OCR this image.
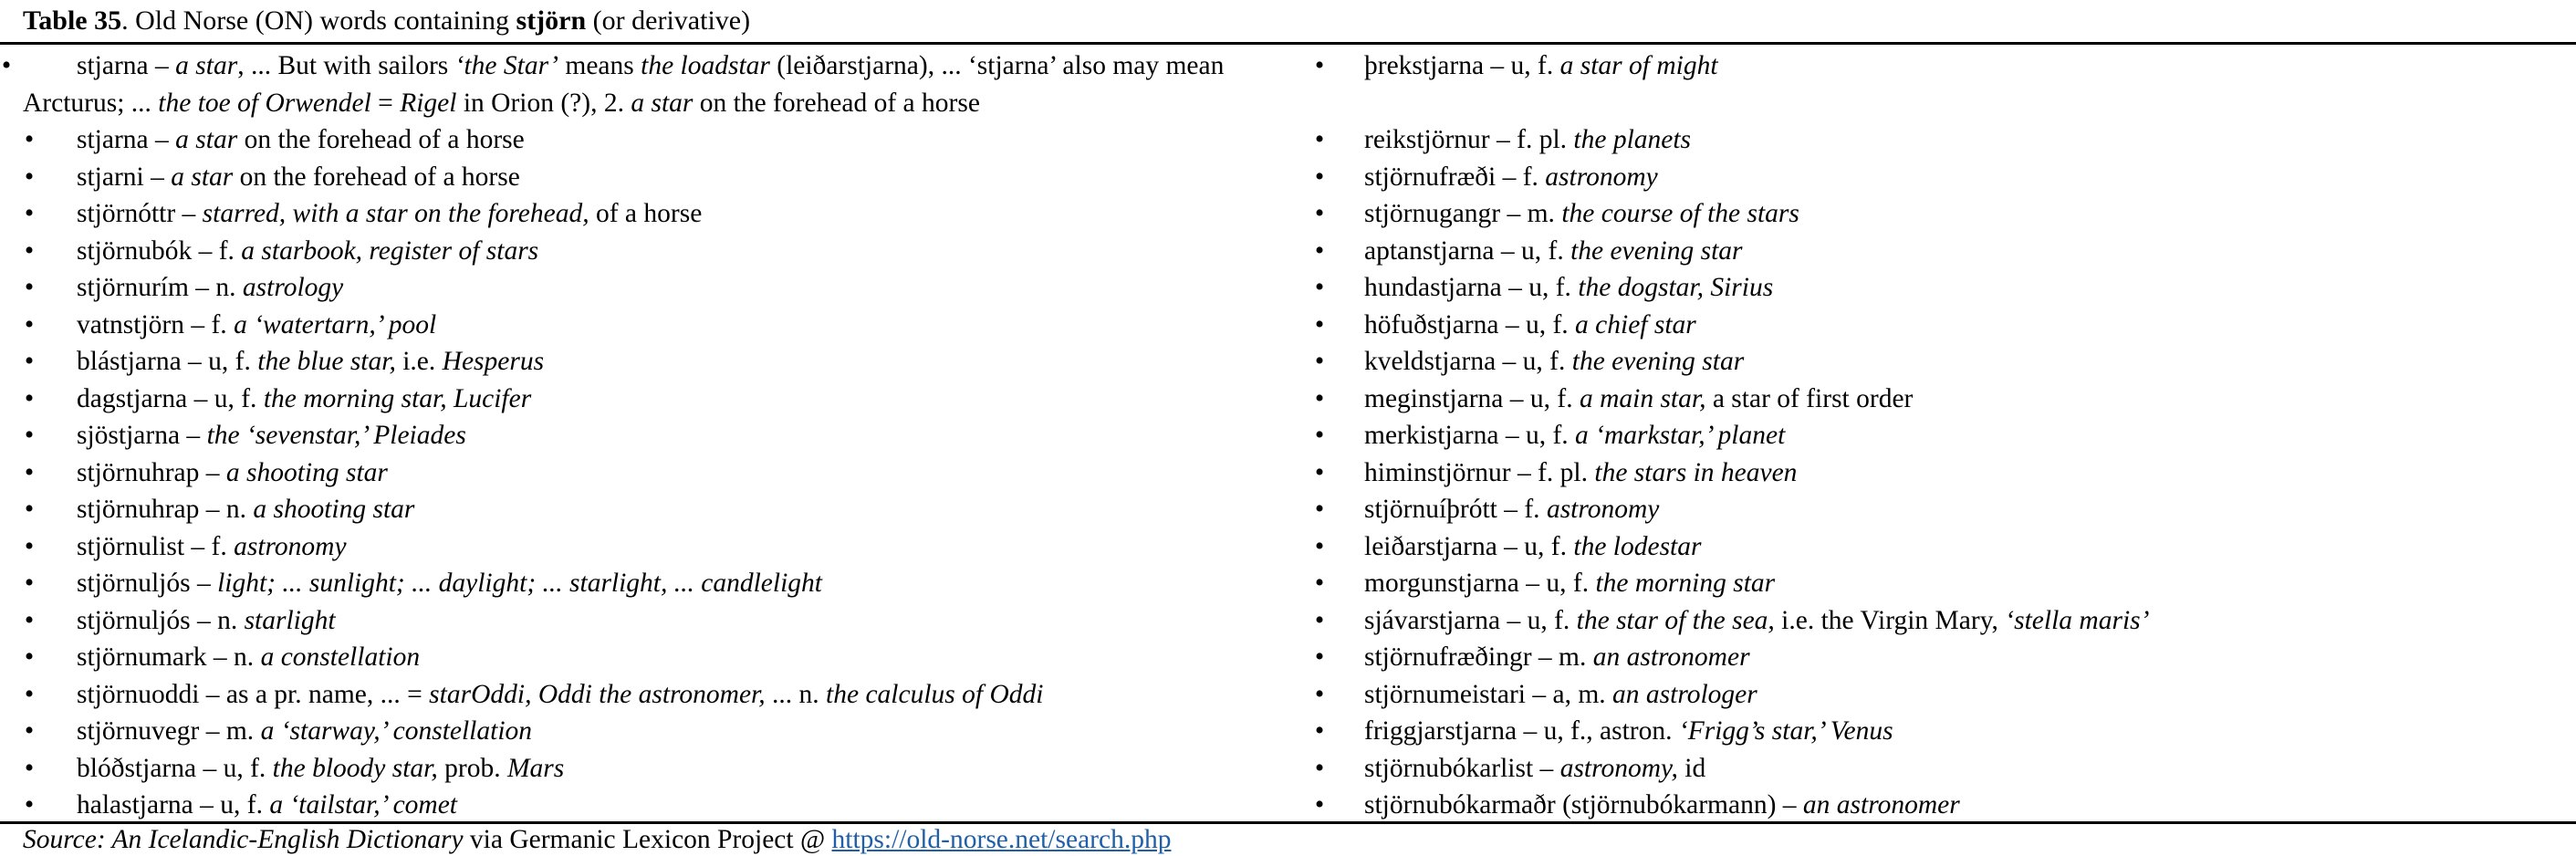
Table 35. Old Norse (ON) words containing stjörn (or derivative)
•	stjarna – a star, ... But with sailors ‘the Star’ means the loadstar (leiðarstjarna), ... ‘stjarna’ also may mean Arcturus; ... the toe of Orwendel = Rigel in Orion (?), 2. a star on the forehead of a horse
•	stjarna – a star on the forehead of a horse
•	stjarni – a star on the forehead of a horse
•	stjörnóttr – starred, with a star on the forehead, of a horse
•	stjörnubók – f. a starbook, register of stars
•	stjörnurím – n. astrology
•	vatnstjörn – f. a ‘watertarn,’ pool
•	blástjarna – u, f. the blue star, i.e. Hesperus
•	dagstjarna – u, f. the morning star, Lucifer
•	sjöstjarna – the ‘sevenstar,’ Pleiades
•	stjörnuhrap – a shooting star
•	stjörnuhrap – n. a shooting star
•	stjörnulist – f. astronomy
•	stjörnuljós – light; ... sunlight; ... daylight; ... starlight, ... candlelight
•	stjörnuljós – n. starlight
•	stjörnumark – n. a constellation
•	stjörnuoddi – as a pr. name, ... = starOddi, Oddi the astronomer, ... n. the calculus of Oddi
•	stjörnuvegr – m. a ‘starway,’ constellation
•	blóðstjarna – u, f. the bloody star, prob. Mars
•	halastjarna – u, f. a ‘tailstar,’ comet
•	þrekstjarna – u, f. a star of might
•	reikstjörnur – f. pl. the planets
•	stjörnufræði – f. astronomy
•	stjörnugangr – m. the course of the stars
•	aptanstjarna – u, f. the evening star
•	hundastjarna – u, f. the dogstar, Sirius
•	höfuðstjarna – u, f. a chief star
•	kveldstjarna – u, f. the evening star
•	meginstjarna – u, f. a main star, a star of first order
•	merkistjarna – u, f. a ‘markstar,’ planet
•	himinstjörnur – f. pl. the stars in heaven
•	stjörnuíþrótt – f. astronomy
•	leiðarstjarna – u, f. the lodestar
•	morgunstjarna – u, f. the morning star
•	sjávarstjarna – u, f. the star of the sea, i.e. the Virgin Mary, ‘stella maris’
•	stjörnufræðingr – m. an astronomer
•	stjörnumeistari – a, m. an astrologer
•	friggjarstjarna – u, f., astron. ‘Frigg’s star,’ Venus
•	stjörnubókarlist – astronomy, id
•	stjörnubókarmaðr (stjörnubókarmann) – an astronomer
Source: An Icelandic-English Dictionary via Germanic Lexicon Project @ https://old-norse.net/search.php
